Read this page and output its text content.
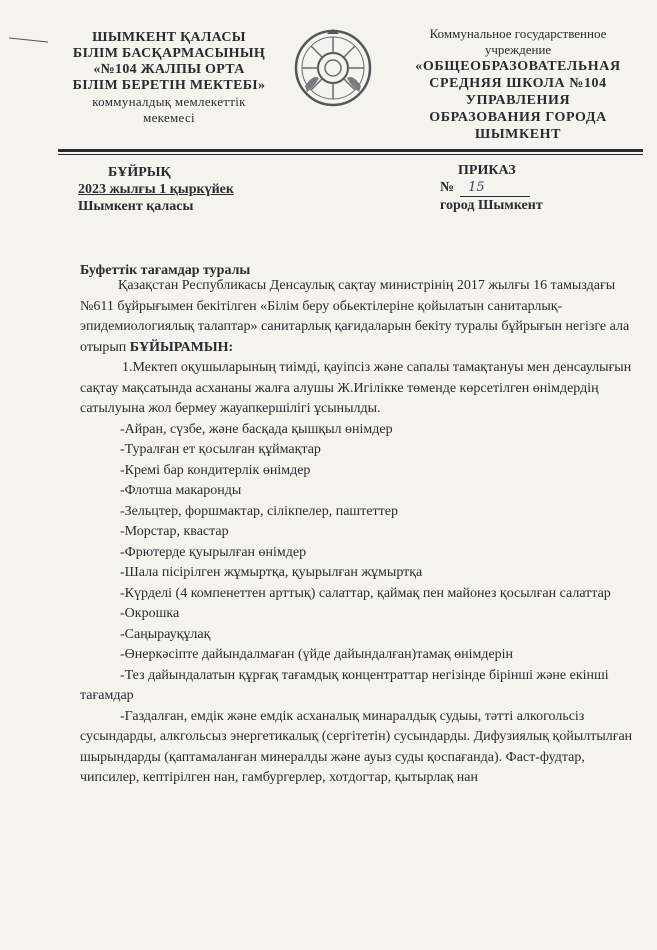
ШЫМКЕНТ ҚАЛАСЫ
БІЛІМ БАСҚАРМАСЫНЫҢ
«№104 ЖАЛПЫ ОРТА
БІЛІМ БЕРЕТІН МЕКТЕБІ»
коммуналдық мемлекеттік
мекемесі
Коммунальное государственное
учреждение
«ОБЩЕОБРАЗОВАТЕЛЬНАЯ
СРЕДНЯЯ ШКОЛА №104
УПРАВЛЕНИЯ
ОБРАЗОВАНИЯ ГОРОДА
ШЫМКЕНТ
БҰЙРЫҚ
2023 жылғы 1 қыркүйек
Шымкент қаласы
ПРИКАЗ
№ 15
город Шымкент
Буфеттік тағамдар туралы

Қазақстан Республикасы Денсаулық сақтау министрінің 2017 жылғы 16 тамыздағы №611 бұйрығымен бекітілген «Білім беру обьектілеріне қойылатын санитарлық-эпидемиологиялық талаптар» санитарлық қағидаларын бекіту туралы бұйрығын негізге ала отырып БҰЙЫРАМЫН:

1.Мектеп оқушыларының тиімді, қауіпсіз және сапалы тамақтануы мен денсаулығын сақтау мақсатында асхананы жалға алушы Ж.Игілікке төменде көрсетілген өнімдердің сатылуына жол бермеу жауапкершілігі ұсынылды.

-Айран, сүзбе, және басқада қышқыл өнімдер

-Туралған ет қосылған құймақтар

-Кремі бар кондитерлік өнімдер

-Флотша макаронды

-Зельцтер, форшмактар, сілікпелер, паштеттер

-Морстар, квастар

-Фрютерде қуырылған өнімдер

-Шала пісірілген жұмыртқа, қуырылған жұмыртқа

-Күрделі (4 компенеттен арттық) салаттар, қаймақ пен майонез қосылған салаттар

-Окрошка

-Саңырауқұлақ

-Өнеркәсіпте дайындалмаған (үйде дайындалған)тамақ өнімдерін

-Тез дайындалатын құрғақ тағамдық концентраттар негізінде бірінші және екінші тағамдар

-Газдалған, емдік және емдік асханалық минаралдық судыы, тәтті алкогольсіз сусындарды, алкгольсыз энергетикалық (сергітетін) сусындарды. Дифузиялық қойылтылған шырындарды (қаптамаланған минералды және ауыз суды қоспағанда). Фаст-фудтар, чипсилер, кептірілген нан, гамбургерлер, хотдогтар, қытырлақ нан
